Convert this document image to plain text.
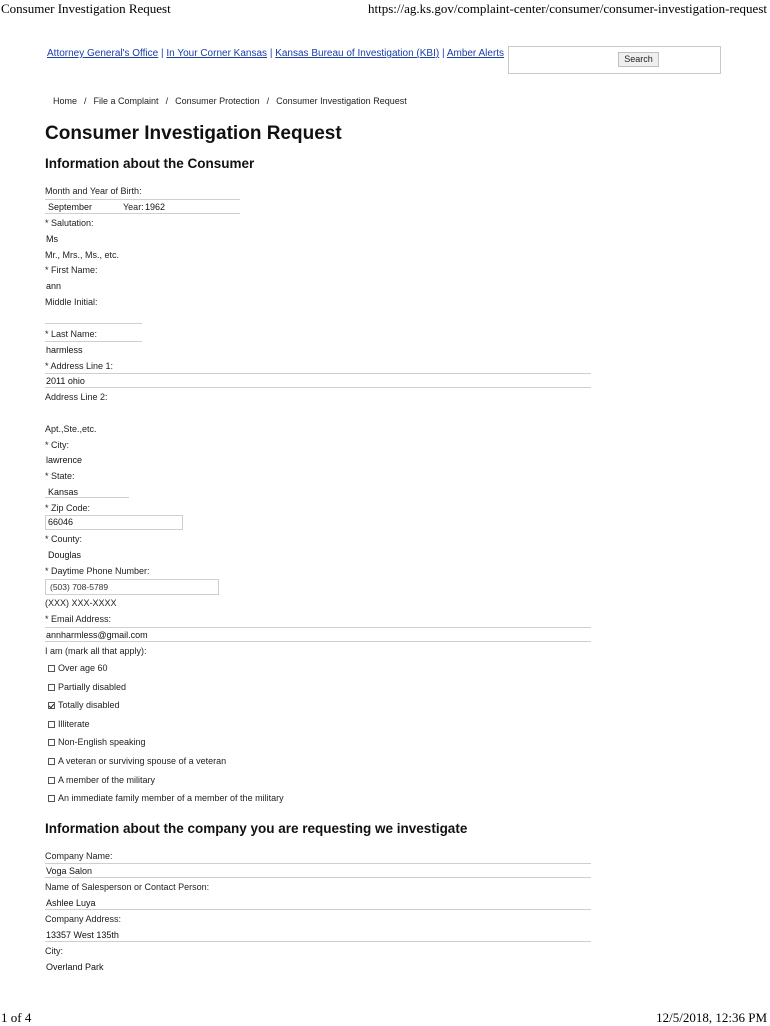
Consumer Investigation Request	https://ag.ks.gov/complaint-center/consumer/consumer-investigation-request
Attorney General's Office | In Your Corner Kansas | Kansas Bureau of Investigation (KBI) | Amber Alerts	Search
Home / File a Complaint / Consumer Protection / Consumer Investigation Request
Consumer Investigation Request
Information about the Consumer
Month and Year of Birth:
September	Year: 1962
* Salutation:
Ms
Mr., Mrs., Ms., etc.
* First Name:
ann
Middle Initial:
* Last Name:
harmless
* Address Line 1:
2011 ohio
Address Line 2:
Apt.,Ste.,etc.
* City:
lawrence
* State:
Kansas
* Zip Code:
66046
* County:
Douglas
* Daytime Phone Number:
(503) 708-5789
(XXX) XXX-XXXX
* Email Address:
annharmless@gmail.com
I am (mark all that apply):
Over age 60
Partially disabled
Totally disabled
Illiterate
Non-English speaking
A veteran or surviving spouse of a veteran
A member of the military
An immediate family member of a member of the military
Information about the company you are requesting we investigate
Company Name:
Voga Salon
Name of Salesperson or Contact Person:
Ashlee Luya
Company Address:
13357 West 135th
City:
Overland Park
1 of 4	12/5/2018, 12:36 PM
